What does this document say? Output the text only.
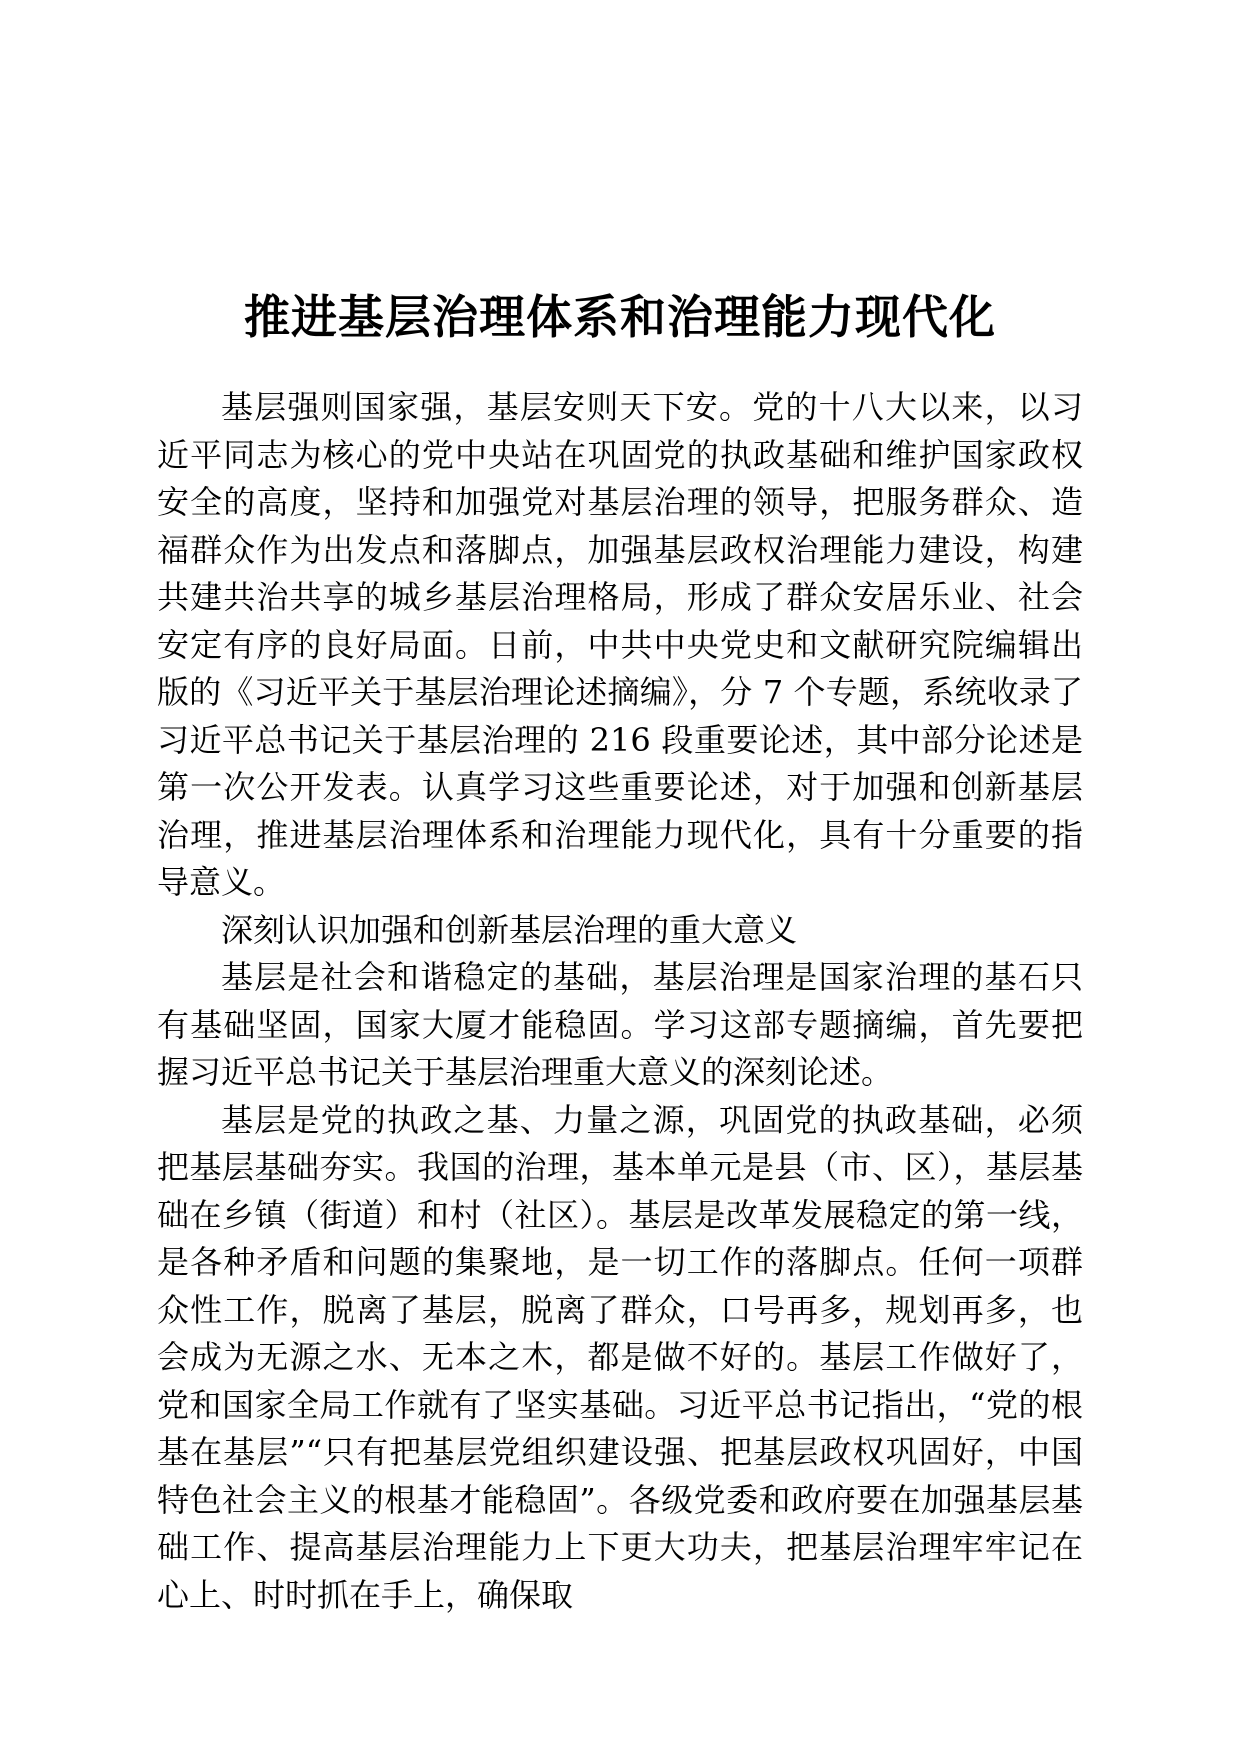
推进基层治理体系和治理能力现代化

基层强则国家强，基层安则天下安。党的十八大以来，以习近平同志为核心的党中央站在巩固党的执政基础和维护国家政权安全的高度，坚持和加强党对基层治理的领导，把服务群众、造福群众作为出发点和落脚点，加强基层政权治理能力建设，构建共建共治共享的城乡基层治理格局，形成了群众安居乐业、社会安定有序的良好局面。日前，中共中央党史和文献研究院编辑出版的《习近平关于基层治理论述摘编》，分 7 个专题，系统收录了习近平总书记关于基层治理的 216 段重要论述，其中部分论述是第一次公开发表。认真学习这些重要论述，对于加强和创新基层治理，推进基层治理体系和治理能力现代化，具有十分重要的指导意义。

深刻认识加强和创新基层治理的重大意义

基层是社会和谐稳定的基础，基层治理是国家治理的基石只有基础坚固，国家大厦才能稳固。学习这部专题摘编，首先要把握习近平总书记关于基层治理重大意义的深刻论述。

基层是党的执政之基、力量之源，巩固党的执政基础，必须把基层基础夯实。我国的治理，基本单元是县（市、区），基层基础在乡镇（街道）和村（社区）。基层是改革发展稳定的第一线，是各种矛盾和问题的集聚地，是一切工作的落脚点。任何一项群众性工作，脱离了基层，脱离了群众，口号再多，规划再多，也会成为无源之水、无本之木，都是做不好的。基层工作做好了，党和国家全局工作就有了坚实基础。习近平总书记指出，“党的根基在基层”“只有把基层党组织建设强、把基层政权巩固好，中国特色社会主义的根基才能稳固”。各级党委和政府要在加强基层基础工作、提高基层治理能力上下更大功夫，把基层治理牢牢记在心上、时时抓在手上，确保取
